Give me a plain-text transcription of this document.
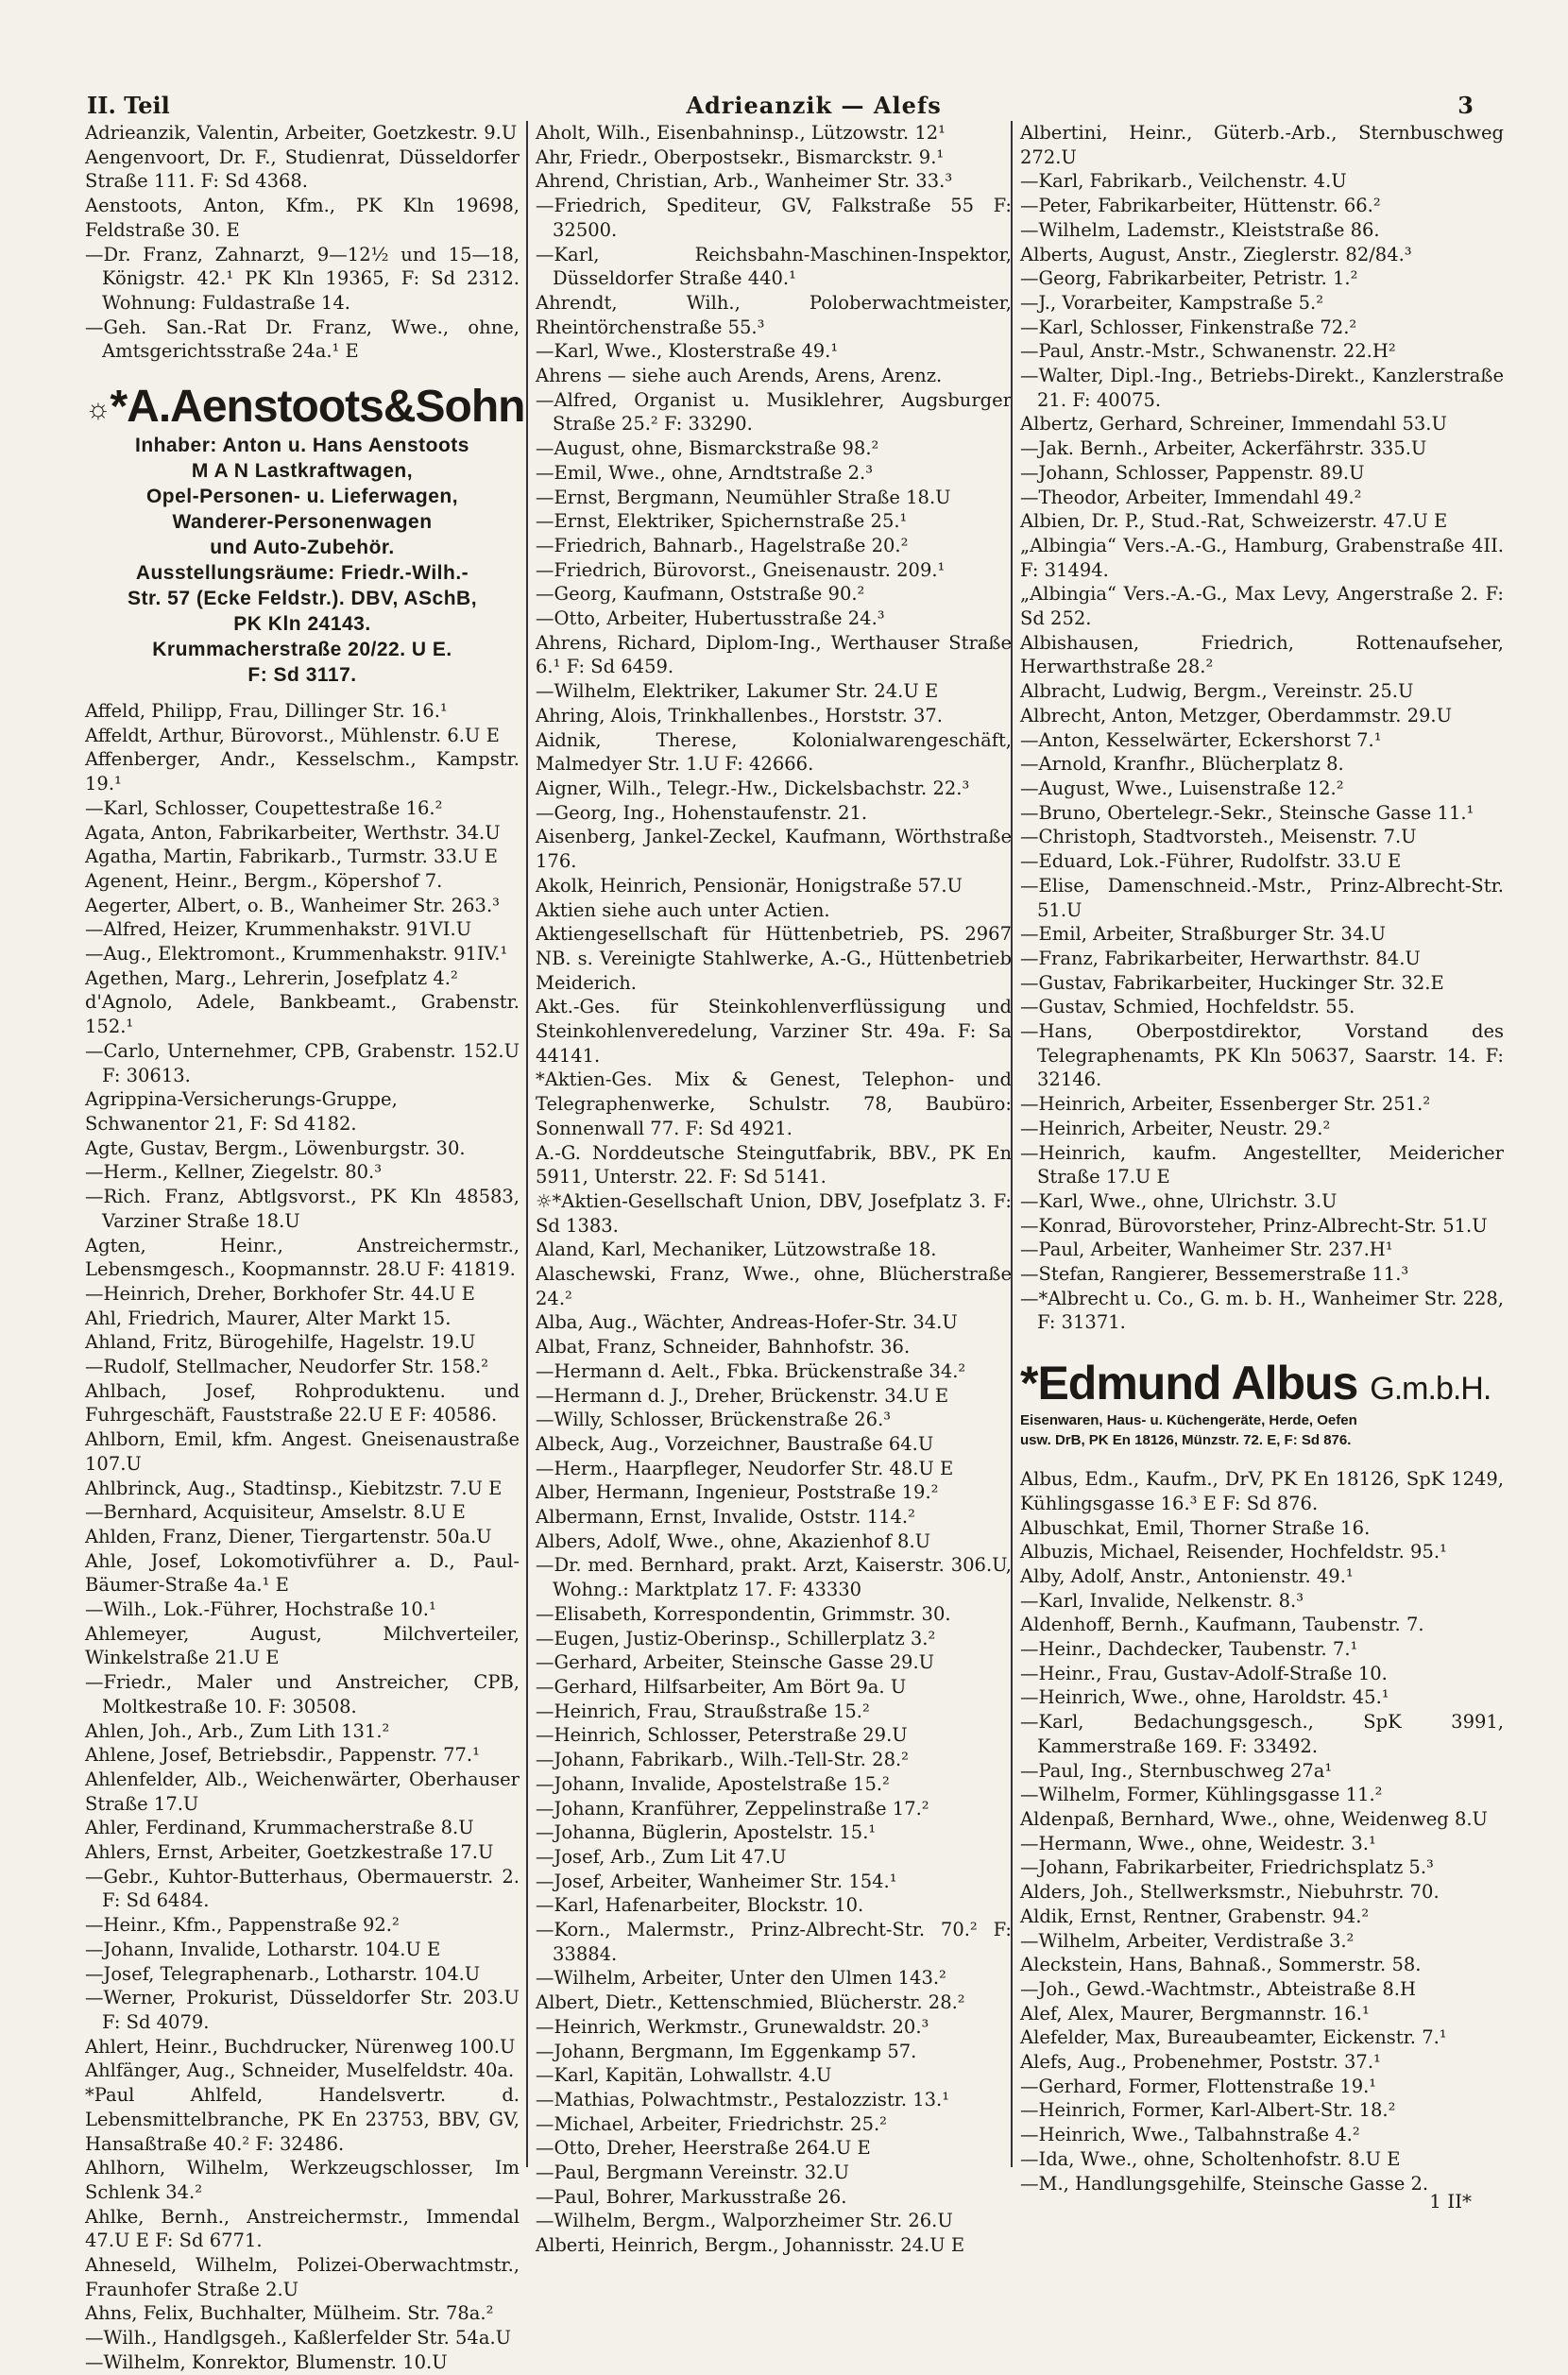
II. Teil	Adrieanzik — Alefs	3
Adrieanzik, Valentin, Arbeiter, Goetzkestr. 9.U
Aengenvoort, Dr. F., Studienrat, Düsseldorfer Straße 111. F: Sd 4368.
Aenstoots, Anton, Kfm., PK Kln 19698, Feldstraße 30. E
—Dr. Franz, Zahnarzt, 9—12½ und 15—18, Königstr. 42.¹ PK Kln 19365, F: Sd 2312. Wohnung: Fuldastraße 14.
—Geh. San.-Rat Dr. Franz, Wwe., ohne, Amtsgerichtsstraße 24a.¹ E
☼*A.Aenstoots&Sohn
Inhaber: Anton u. Hans Aenstoots
M A N Lastkraftwagen,
Opel-Personen- u. Lieferwagen,
Wanderer-Personenwagen
und Auto-Zubehör.
Ausstellungsräume: Friedr.-Wilh.-
Str. 57 (Ecke Feldstr.). DBV, ASchB,
PK Kln 24143.
Krummacherstraße 20/22. U E.
F: Sd 3117.
Affeld, Philipp, Frau, Dillinger Str. 16.¹
Affeldt, Arthur, Bürovorst., Mühlenstr. 6.U E
Affenberger, Andr., Kesselschm., Kampstr. 19.¹
—Karl, Schlosser, Coupettestraße 16.²
Agata, Anton, Fabrikarbeiter, Werthstr. 34.U
Agatha, Martin, Fabrikarb., Turmstr. 33.U E
Agenent, Heinr., Bergm., Köpershof 7.
Aegerter, Albert, o. B., Wanheimer Str. 263.³
—Alfred, Heizer, Krummenhakstr. 91VI.U
—Aug., Elektromont., Krummenhakstr. 91IV.¹
Agethen, Marg., Lehrerin, Josefplatz 4.²
d'Agnolo, Adele, Bankbeamt., Grabenstr. 152.¹
—Carlo, Unternehmer, CPB, Grabenstr. 152.U F: 30613.
Agrippina-Versicherungs-Gruppe, Schwanentor 21, F: Sd 4182.
Agte, Gustav, Bergm., Löwenburgstr. 30.
—Herm., Kellner, Ziegelstr. 80.³
—Rich. Franz, Abtlgsvorst., PK Kln 48583, Varziner Straße 18.U
Agten, Heinr., Anstreichermstr., Lebensmgesch., Koopmannstr. 28.U F: 41819.
—Heinrich, Dreher, Borkhofer Str. 44.U E
Ahl, Friedrich, Maurer, Alter Markt 15.
Ahland, Fritz, Bürogehilfe, Hagelstr. 19.U
—Rudolf, Stellmacher, Neudorfer Str. 158.²
Ahlbach, Josef, Rohproduktenu. und Fuhrgeschäft, Fauststraße 22.U E F: 40586.
Ahlborn, Emil, kfm. Angest. Gneisenaustraße 107.U
Ahlbrinck, Aug., Stadtinsp., Kiebitzstr. 7.U E
—Bernhard, Acquisiteur, Amselstr. 8.U E
Ahlden, Franz, Diener, Tiergartenstr. 50a.U
Ahle, Josef, Lokomotivführer a. D., Paul-Bäumer-Straße 4a.¹ E
—Wilh., Lok.-Führer, Hochstraße 10.¹
Ahlemeyer, August, Milchverteiler, Winkelstraße 21.U E
—Friedr., Maler und Anstreicher, CPB, Moltkestraße 10. F: 30508.
Ahlen, Joh., Arb., Zum Lith 131.²
Ahlene, Josef, Betriebsdir., Pappenstr. 77.¹
Ahlenfelder, Alb., Weichenwärter, Oberhauser Straße 17.U
Ahler, Ferdinand, Krummacherstraße 8.U
Ahlers, Ernst, Arbeiter, Goetzkestraße 17.U
—Gebr., Kuhtor-Butterhaus, Obermauerstr. 2. F: Sd 6484.
—Heinr., Kfm., Pappenstraße 92.²
—Johann, Invalide, Lotharstr. 104.U E
—Josef, Telegraphenarb., Lotharstr. 104.U
—Werner, Prokurist, Düsseldorfer Str. 203.U F: Sd 4079.
Ahlert, Heinr., Buchdrucker, Nürenweg 100.U
Ahlfänger, Aug., Schneider, Muselfeldstr. 40a.
*Paul Ahlfeld, Handelsvertr. d. Lebensmittelbranche, PK En 23753, BBV, GV, Hansaßtraße 40.² F: 32486.
Ahlhorn, Wilhelm, Werkzeugschlosser, Im Schlenk 34.²
Ahlke, Bernh., Anstreichermstr., Immendal 47.U E F: Sd 6771.
Ahneseld, Wilhelm, Polizei-Oberwachtmstr., Fraunhofer Straße 2.U
Ahns, Felix, Buchhalter, Mülheim. Str. 78a.²
—Wilh., Handlgsgeh., Kaßlerfelder Str. 54a.U
—Wilhelm, Konrektor, Blumenstr. 10.U
Aholt, Wilh., Eisenbahninsp., Lützowstr. 12¹
Ahr, Friedr., Oberpostsekr., Bismarckstr. 9.¹
Ahrend, Christian, Arb., Wanheimer Str. 33.³
—Friedrich, Spediteur, GV, Falkstraße 55 F: 32500.
—Karl, Reichsbahn-Maschinen-Inspektor, Düsseldorfer Straße 440.¹
Ahrendt, Wilh., Poloberwachtmeister, Rheintörchenstraße 55.³
—Karl, Wwe., Klosterstraße 49.¹
Ahrens — siehe auch Arends, Arens, Arenz.
—Alfred, Organist u. Musiklehrer, Augsburger Straße 25.² F: 33290.
—August, ohne, Bismarckstraße 98.²
—Emil, Wwe., ohne, Arndtstraße 2.³
—Ernst, Bergmann, Neumühler Straße 18.U
—Ernst, Elektriker, Spichernstraße 25.¹
—Friedrich, Bahnarb., Hagelstraße 20.²
—Friedrich, Bürovorst., Gneisenaustr. 209.¹
—Georg, Kaufmann, Oststraße 90.²
—Otto, Arbeiter, Hubertusstraße 24.³
Ahrens, Richard, Diplom-Ing., Werthauser Straße 6.¹ F: Sd 6459.
—Wilhelm, Elektriker, Lakumer Str. 24.U E
Ahring, Alois, Trinkhallenbes., Horststr. 37.
Aidnik, Therese, Kolonialwarengeschäft, Malmedyer Str. 1.U F: 42666.
Aigner, Wilh., Telegr.-Hw., Dickelsbachstr. 22.³
—Georg, Ing., Hohenstaufenstr. 21.
Aisenberg, Jankel-Zeckel, Kaufmann, Wörthstraße 176.
Akolk, Heinrich, Pensionär, Honigstraße 57.U
Aktien siehe auch unter Actien.
Aktiengesellschaft für Hüttenbetrieb, PS. 2967 NB. s. Vereinigte Stahlwerke, A.-G., Hüttenbetrieb Meiderich.
Akt.-Ges. für Steinkohlenverflüssigung und Steinkohlenveredelung, Varziner Str. 49a. F: Sa 44141.
*Aktien-Ges. Mix & Genest, Telephon- und Telegraphenwerke, Schulstr. 78, Baubüro: Sonnenwall 77. F: Sd 4921.
A.-G. Norddeutsche Steingutfabrik, BBV., PK En 5911, Unterstr. 22. F: Sd 5141.
☼*Aktien-Gesellschaft Union, DBV, Josefplatz 3. F: Sd 1383.
Aland, Karl, Mechaniker, Lützowstraße 18.
Alaschewski, Franz, Wwe., ohne, Blücherstraße 24.²
Alba, Aug., Wächter, Andreas-Hofer-Str. 34.U
Albat, Franz, Schneider, Bahnhofstr. 36.
—Hermann d. Aelt., Fbka. Brückenstraße 34.²
—Hermann d. J., Dreher, Brückenstr. 34.U E
—Willy, Schlosser, Brückenstraße 26.³
Albeck, Aug., Vorzeichner, Baustraße 64.U
—Herm., Haarpfleger, Neudorfer Str. 48.U E
Alber, Hermann, Ingenieur, Poststraße 19.²
Albermann, Ernst, Invalide, Oststr. 114.²
Albers, Adolf, Wwe., ohne, Akazienhof 8.U
—Dr. med. Bernhard, prakt. Arzt, Kaiserstr. 306.U, Wohng.: Marktplatz 17. F: 43330
—Elisabeth, Korrespondentin, Grimmstr. 30.
—Eugen, Justiz-Oberinsp., Schillerplatz 3.²
—Gerhard, Arbeiter, Steinsche Gasse 29.U
—Gerhard, Hilfsarbeiter, Am Bört 9a. U
—Heinrich, Frau, Straußstraße 15.²
—Heinrich, Schlosser, Peterstraße 29.U
—Johann, Fabrikarb., Wilh.-Tell-Str. 28.²
—Johann, Invalide, Apostelstraße 15.²
—Johann, Kranführer, Zeppelinstraße 17.²
—Johanna, Büglerin, Apostelstr. 15.¹
—Josef, Arb., Zum Lit 47.U
—Josef, Arbeiter, Wanheimer Str. 154.¹
—Karl, Hafenarbeiter, Blockstr. 10.
—Korn., Malermstr., Prinz-Albrecht-Str. 70.² F: 33884.
—Wilhelm, Arbeiter, Unter den Ulmen 143.²
Albert, Dietr., Kettenschmied, Blücherstr. 28.²
—Heinrich, Werkmstr., Grunewaldstr. 20.³
—Johann, Bergmann, Im Eggenkamp 57.
—Karl, Kapitän, Lohwallstr. 4.U
—Mathias, Polwachtmstr., Pestalozzistr. 13.¹
—Michael, Arbeiter, Friedrichstr. 25.²
—Otto, Dreher, Heerstraße 264.U E
—Paul, Bergmann Vereinstr. 32.U
—Paul, Bohrer, Markusstraße 26.
—Wilhelm, Bergm., Walporzheimer Str. 26.U
Alberti, Heinrich, Bergm., Johannisstr. 24.U E
Albertini, Heinr., Güterb.-Arb., Sternbuschweg 272.U
—Karl, Fabrikarb., Veilchenstr. 4.U
—Peter, Fabrikarbeiter, Hüttenstr. 66.²
—Wilhelm, Lademstr., Kleiststraße 86.
Alberts, August, Anstr., Zieglerstr. 82/84.³
—Georg, Fabrikarbeiter, Petristr. 1.²
—J., Vorarbeiter, Kampstraße 5.²
—Karl, Schlosser, Finkenstraße 72.²
—Paul, Anstr.-Mstr., Schwanenstr. 22.H²
—Walter, Dipl.-Ing., Betriebs-Direkt., Kanzlerstraße 21. F: 40075.
Albertz, Gerhard, Schreiner, Immendahl 53.U
—Jak. Bernh., Arbeiter, Ackerfährstr. 335.U
—Johann, Schlosser, Pappenstr. 89.U
—Theodor, Arbeiter, Immendahl 49.²
Albien, Dr. P., Stud.-Rat, Schweizerstr. 47.U E
„Albingia“ Vers.-A.-G., Hamburg, Grabenstraße 4II. F: 31494.
„Albingia“ Vers.-A.-G., Max Levy, Angerstraße 2. F: Sd 252.
Albishausen, Friedrich, Rottenaufseher, Herwarthstraße 28.²
Albracht, Ludwig, Bergm., Vereinstr. 25.U
Albrecht, Anton, Metzger, Oberdammstr. 29.U
—Anton, Kesselwärter, Eckershorst 7.¹
—Arnold, Kranfhr., Blücherplatz 8.
—August, Wwe., Luisenstraße 12.²
—Bruno, Obertelegr.-Sekr., Steinsche Gasse 11.¹
—Christoph, Stadtvorsteh., Meisenstr. 7.U
—Eduard, Lok.-Führer, Rudolfstr. 33.U E
—Elise, Damenschneid.-Mstr., Prinz-Albrecht-Str. 51.U
—Emil, Arbeiter, Straßburger Str. 34.U
—Franz, Fabrikarbeiter, Herwarthstr. 84.U
—Gustav, Fabrikarbeiter, Huckinger Str. 32.E
—Gustav, Schmied, Hochfeldstr. 55.
—Hans, Oberpostdirektor, Vorstand des Telegraphenamts, PK Kln 50637, Saarstr. 14. F: 32146.
—Heinrich, Arbeiter, Essenberger Str. 251.²
—Heinrich, Arbeiter, Neustr. 29.²
—Heinrich, kaufm. Angestellter, Meidericher Straße 17.U E
—Karl, Wwe., ohne, Ulrichstr. 3.U
—Konrad, Bürovorsteher, Prinz-Albrecht-Str. 51.U
—Paul, Arbeiter, Wanheimer Str. 237.H¹
—Stefan, Rangierer, Bessemerstraße 11.³
—*Albrecht u. Co., G. m. b. H., Wanheimer Str. 228, F: 31371.
*Edmund Albus G.m.b.H.
Eisenwaren, Haus- u. Küchengeräte, Herde, Oefen
usw. DrB, PK En 18126, Münzstr. 72. E, F: Sd 876.
Albus, Edm., Kaufm., DrV, PK En 18126, SpK 1249, Kühlingsgasse 16.³ E F: Sd 876.
Albuschkat, Emil, Thorner Straße 16.
Albuzis, Michael, Reisender, Hochfeldstr. 95.¹
Alby, Adolf, Anstr., Antonienstr. 49.¹
—Karl, Invalide, Nelkenstr. 8.³
Aldenhoff, Bernh., Kaufmann, Taubenstr. 7.
—Heinr., Dachdecker, Taubenstr. 7.¹
—Heinr., Frau, Gustav-Adolf-Straße 10.
—Heinrich, Wwe., ohne, Haroldstr. 45.¹
—Karl, Bedachungsgesch., SpK 3991, Kammerstraße 169. F: 33492.
—Paul, Ing., Sternbuschweg 27a¹
—Wilhelm, Former, Kühlingsgasse 11.²
Aldenpaß, Bernhard, Wwe., ohne, Weidenweg 8.U
—Hermann, Wwe., ohne, Weidestr. 3.¹
—Johann, Fabrikarbeiter, Friedrichsplatz 5.³
Alders, Joh., Stellwerksmstr., Niebuhrstr. 70.
Aldik, Ernst, Rentner, Grabenstr. 94.²
—Wilhelm, Arbeiter, Verdistraße 3.²
Aleckstein, Hans, Bahnaß., Sommerstr. 58.
—Joh., Gewd.-Wachtmstr., Abteistraße 8.H
Alef, Alex, Maurer, Bergmannstr. 16.¹
Alefelder, Max, Bureaubeamter, Eickenstr. 7.¹
Alefs, Aug., Probenehmer, Poststr. 37.¹
—Gerhard, Former, Flottenstraße 19.¹
—Heinrich, Former, Karl-Albert-Str. 18.²
—Heinrich, Wwe., Talbahnstraße 4.²
—Ida, Wwe., ohne, Scholtenhofstr. 8.U E
—M., Handlungsgehilfe, Steinsche Gasse 2.
1 II*
